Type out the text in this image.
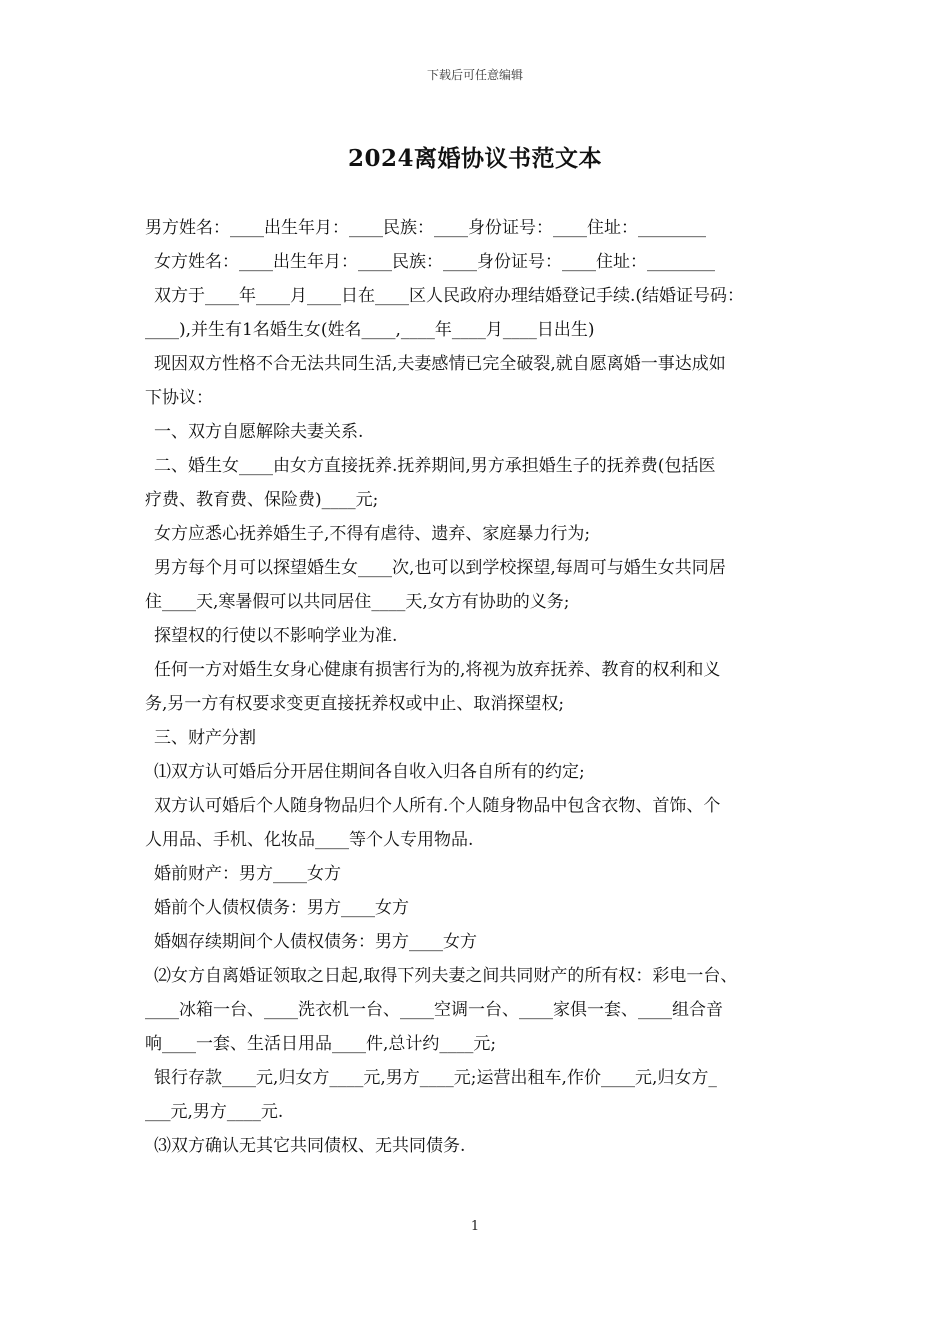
下载后可任意编辑
2024离婚协议书范文本
男方姓名：____出生年月：____民族：____身份证号：____住址：________
女方姓名：____出生年月：____民族：____身份证号：____住址：________
双方于____年____月____日在____区人民政府办理结婚登记手续.(结婚证号码：
____),并生有1名婚生女(姓名____,____年____月____日出生)
现因双方性格不合无法共同生活,夫妻感情已完全破裂,就自愿离婚一事达成如
下协议：
一、双方自愿解除夫妻关系.
二、婚生女____由女方直接抚养.抚养期间,男方承担婚生子的抚养费(包括医
疗费、教育费、保险费)____元;
女方应悉心抚养婚生子,不得有虐待、遗弃、家庭暴力行为;
男方每个月可以探望婚生女____次,也可以到学校探望,每周可与婚生女共同居
住____天,寒暑假可以共同居住____天,女方有协助的义务;
探望权的行使以不影响学业为准.
任何一方对婚生女身心健康有损害行为的,将视为放弃抚养、教育的权利和义
务,另一方有权要求变更直接抚养权或中止、取消探望权;
三、财产分割
⑴双方认可婚后分开居住期间各自收入归各自所有的约定;
双方认可婚后个人随身物品归个人所有.个人随身物品中包含衣物、首饰、个
人用品、手机、化妆品____等个人专用物品.
婚前财产：男方____女方
婚前个人债权债务：男方____女方
婚姻存续期间个人债权债务：男方____女方
⑵女方自离婚证领取之日起,取得下列夫妻之间共同财产的所有权：彩电一台、
____冰箱一台、____洗衣机一台、____空调一台、____家俱一套、____组合音
响____一套、生活日用品____件,总计约____元;
银行存款____元,归女方____元,男方____元;运营出租车,作价____元,归女方_
___元,男方____元.
⑶双方确认无其它共同债权、无共同债务.
1
